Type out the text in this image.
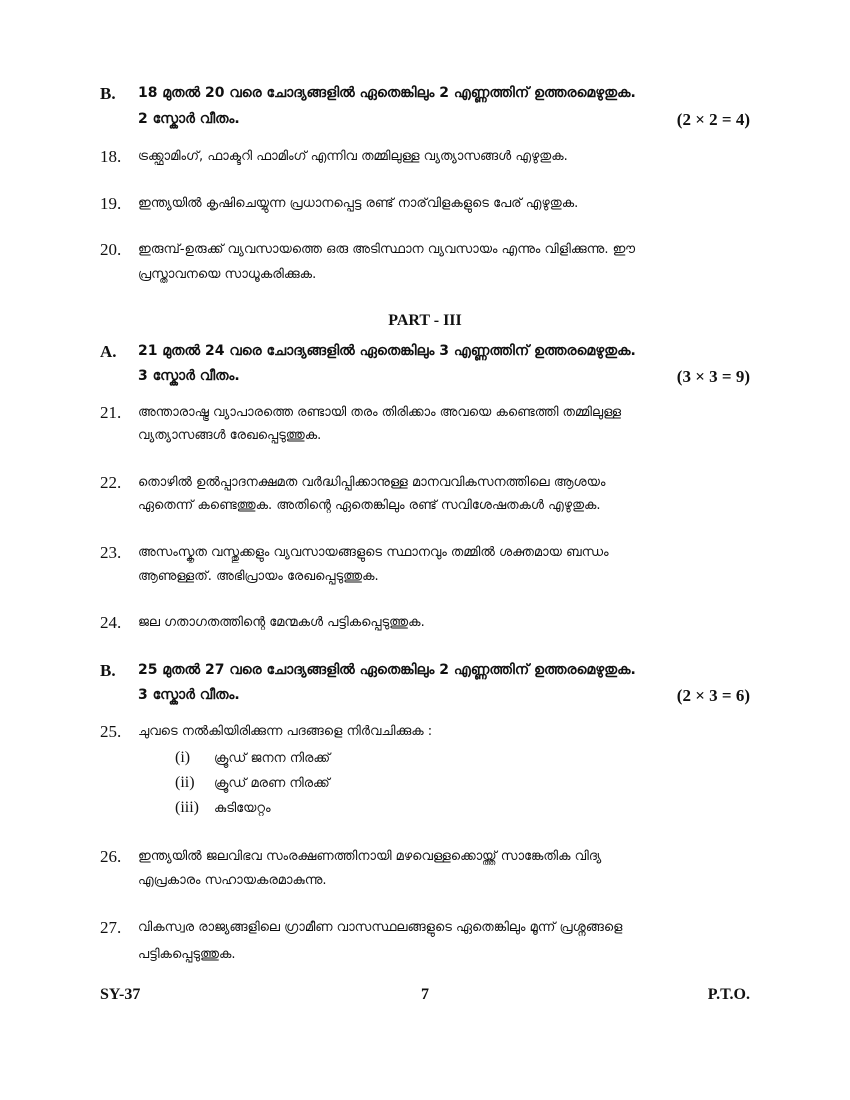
B. 18 മുതൽ 20 വരെ ചോദ്യങ്ങളിൽ ഏതെങ്കിലും 2 എണ്ണത്തിന് ഉത്തരമെഴുതുക.
2 സ്കോർ വീതം.	(2 × 2 = 4)
18. ട്രക്ക്ഫാമിംഗ്, ഫാക്ടറി ഫാമിംഗ് എന്നിവ തമ്മിലുള്ള വ്യത്യാസങ്ങൾ എഴുതുക.
19. ഇന്ത്യയിൽ കൃഷിചെയ്യുന്ന പ്രധാനപ്പെട്ട രണ്ട് നാര്‌വിളകളുടെ പേര് എഴുതുക.
20. ഇരുമ്പ്-ഉരുക്ക് വ്യവസായത്തെ ഒരു അടിസ്ഥാന വ്യവസായം എന്നും വിളിക്കുന്നു. ഈ
പ്രസ്താവനയെ സാധൂകരിക്കുക.
PART - III
A. 21 മുതൽ 24 വരെ ചോദ്യങ്ങളിൽ ഏതെങ്കിലും 3 എണ്ണത്തിന് ഉത്തരമെഴുതുക.
3 സ്കോർ വീതം.	(3 × 3 = 9)
21. അന്താരാഷ്ട്ര വ്യാപാരത്തെ രണ്ടായി തരം തിരിക്കാം അവയെ കണ്ടെത്തി തമ്മിലുള്ള
വ്യത്യാസങ്ങൾ രേഖപ്പെടുത്തുക.
22. തൊഴിൽ ഉൽപ്പാദനക്ഷമത വർദ്ധിപ്പിക്കാനുള്ള മാനവവികസനത്തിലെ ആശയം
ഏതെന്ന് കണ്ടെത്തുക. അതിന്റെ ഏതെങ്കിലും രണ്ട് സവിശേഷതകൾ എഴുതുക.
23. അസംസ്കൃത വസ്തുക്കളും വ്യവസായങ്ങളുടെ സ്ഥാനവും തമ്മിൽ ശക്തമായ ബന്ധം
ആണുള്ളത്. അഭിപ്രായം രേഖപ്പെടുത്തുക.
24. ജല ഗതാഗതത്തിന്റെ മേന്മകൾ പട്ടികപ്പെടുത്തുക.
B. 25 മുതൽ 27 വരെ ചോദ്യങ്ങളിൽ ഏതെങ്കിലും 2 എണ്ണത്തിന് ഉത്തരമെഴുതുക.
3 സ്കോർ വീതം.	(2 × 3 = 6)
25. ചുവടെ നൽകിയിരിക്കുന്ന പദങ്ങളെ നിർവചിക്കുക :
(i) ക്രൂഡ് ജനന നിരക്ക്
(ii) ക്രൂഡ് മരണ നിരക്ക്
(iii) കുടിയേറ്റം
26. ഇന്ത്യയിൽ ജലവിഭവ സംരക്ഷണത്തിനായി മഴവെള്ളക്കൊയ്ത്ത് സാങ്കേതിക വിദ്യ
എപ്രകാരം സഹായകരമാകുന്നു.
27. വികസ്വര രാജ്യങ്ങളിലെ ഗ്രാമീണ വാസസ്ഥലങ്ങളുടെ ഏതെങ്കിലും മൂന്ന് പ്രശ്നങ്ങളെ
പട്ടികപ്പെടുത്തുക.
SY-37	7	P.T.O.
